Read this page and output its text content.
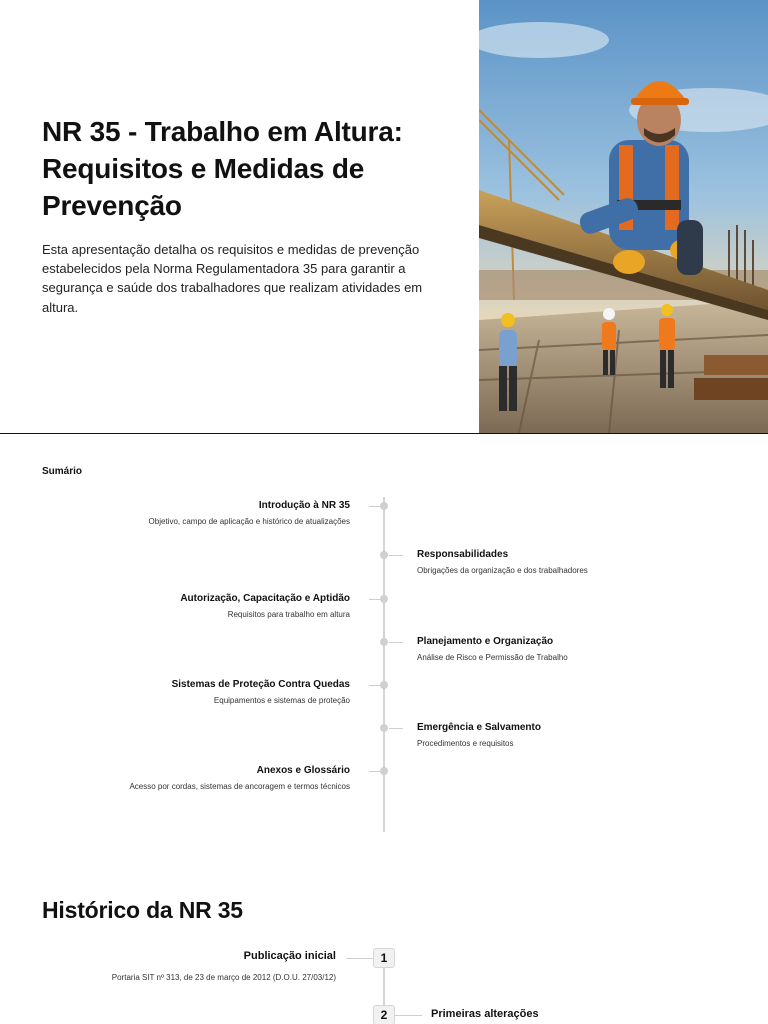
NR 35 - Trabalho em Altura: Requisitos e Medidas de Prevenção

Esta apresentação detalha os requisitos e medidas de prevenção estabelecidos pela Norma Regulamentadora 35 para garantir a segurança e saúde dos trabalhadores que realizam atividades em altura.

Sumário
Introdução à NR 35
Objetivo, campo de aplicação e histórico de atualizações
Responsabilidades
Obrigações da organização e dos trabalhadores
Autorização, Capacitação e Aptidão
Requisitos para trabalho em altura
Planejamento e Organização
Análise de Risco e Permissão de Trabalho
Sistemas de Proteção Contra Quedas
Equipamentos e sistemas de proteção
Emergência e Salvamento
Procedimentos e requisitos
Anexos e Glossário
Acesso por cordas, sistemas de ancoragem e termos técnicos
Histórico da NR 35
1
Publicação inicial
Portaria SIT nº 313, de 23 de março de 2012 (D.O.U. 27/03/12)
2	Primeiras alterações
